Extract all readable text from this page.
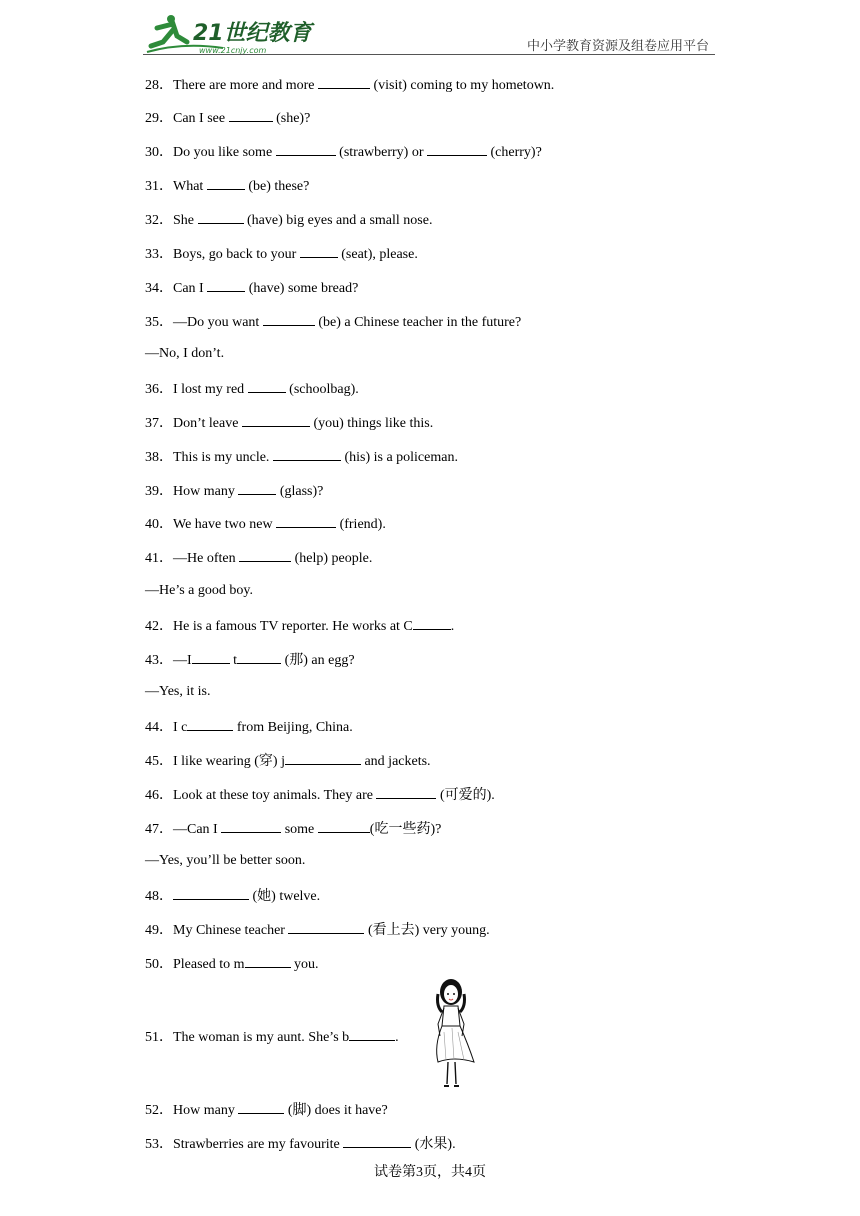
21世纪教育
www.21cnjy.com	中小学教育资源及组卷应用平台
28．There are more and more	(visit) coming to my hometown.
29．Can I see	(she)?
30．Do you like some	(strawberry) or	(cherry)?
31．What	(be) these?
32．She	(have) big eyes and a small nose.
33．Boys, go back to your	(seat), please.
34．Can I	(have) some bread?
35．—Do you want	(be) a Chinese teacher in the future?
—No, I don’t.
36．I lost my red	(schoolbag).
37．Don’t leave	(you) things like this.
38．This is my uncle.	(his) is a policeman.
39．How many	(glass)?
40．We have two new	(friend).
41．—He often	(help) people.
—He’s a good boy.
42．He is a famous TV reporter. He works at C	.
43．—I	t	(那) an egg?
—Yes, it is.
44．I c	from Beijing, China.
45．I like wearing (穿) j	and jackets.
46．Look at these toy animals. They are	(可爱的).
47．—Can I	some	(吃一些药)?
—Yes, you’ll be better soon.
48．	(她) twelve.
49．My Chinese teacher	(看上去) very young.
50．Pleased to m	you.
51．The woman is my aunt. She’s b	.
52．How many	(脚) does it have?
53．Strawberries are my favourite	(水果).
试卷第3页，共4页
